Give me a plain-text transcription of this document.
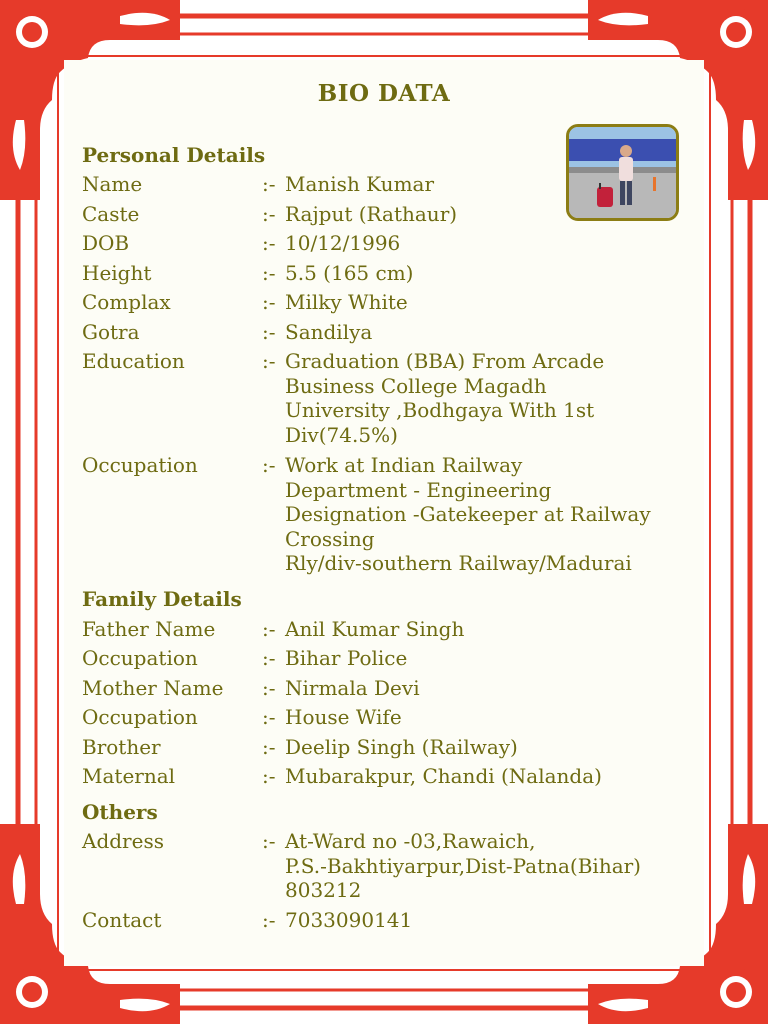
BIO DATA
Personal Details
Name	:- Manish Kumar
Caste	:- Rajput (Rathaur)
DOB	:- 10/12/1996
Height	:- 5.5 (165 cm)
Complax	:- Milky White
Gotra	:- Sandilya
Education	:- Graduation (BBA) From Arcade
Business College Magadh
University ,Bodhgaya With 1st
Div(74.5%)
Occupation	:- Work at Indian Railway
Department - Engineering
Designation -Gatekeeper at Railway
Crossing
Rly/div-southern Railway/Madurai
Family Details
Father Name :- Anil Kumar Singh
Occupation	:- Bihar Police
Mother Name :- Nirmala Devi
Occupation	:- House Wife
Brother	:- Deelip Singh (Railway)
Maternal	:- Mubarakpur, Chandi (Nalanda)
Others
Address	:- At-Ward no -03,Rawaich,
P.S.-Bakhtiyarpur,Dist-Patna(Bihar)
803212
Contact	:- 7033090141
